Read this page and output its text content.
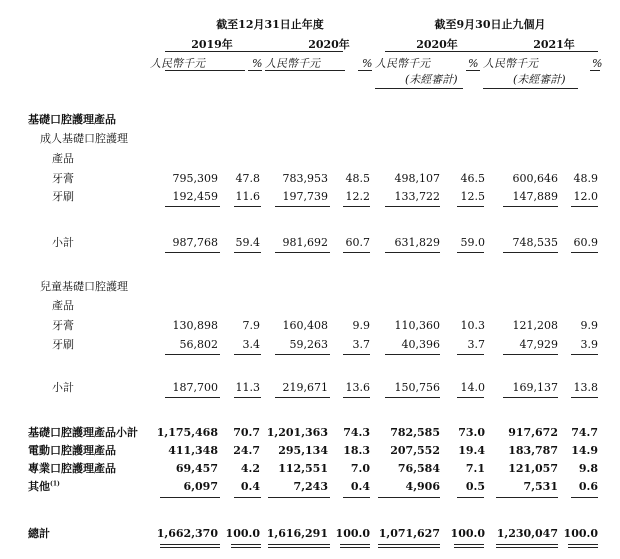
截至12月31日止年度	截至9月30日止九個月
2019年	2020年	2020年	2021年
人民幣千元	% 人民幣千元	% 人民幣千元	% 人民幣千元	%
(未經審計)	(未經審計)
基礎口腔護理產品
成人基礎口腔護理
產品
牙膏	795,309	47.8	783,953	48.5	498,107	46.5	600,646	48.9
牙刷	192,459	11.6	197,739	12.2	133,722	12.5	147,889	12.0
小計	987,768	59.4	981,692	60.7	631,829	59.0	748,535	60.9
兒童基礎口腔護理
產品
牙膏	130,898	7.9	160,408	9.9	110,360	10.3	121,208	9.9
牙刷	56,802	3.4	59,263	3.7	40,396	3.7	47,929	3.9
小計	187,700	11.3	219,671	13.6	150,756	14.0	169,137	13.8
基礎口腔護理產品小計	1,175,468	70.7 1,201,363	74.3	782,585	73.0	917,672	74.7
電動口腔護理產品	411,348	24.7	295,134	18.3	207,552	19.4	183,787	14.9
專業口腔護理產品	69,457	4.2	112,551	7.0	76,584	7.1	121,057	9.8
其他$^{(1)}$	6,097	0.4	7,243	0.4	4,906	0.5	7,531	0.6
總計	1,662,370 100.0 1,616,291 100.0 1,071,627 100.0	1,230,047 100.0
